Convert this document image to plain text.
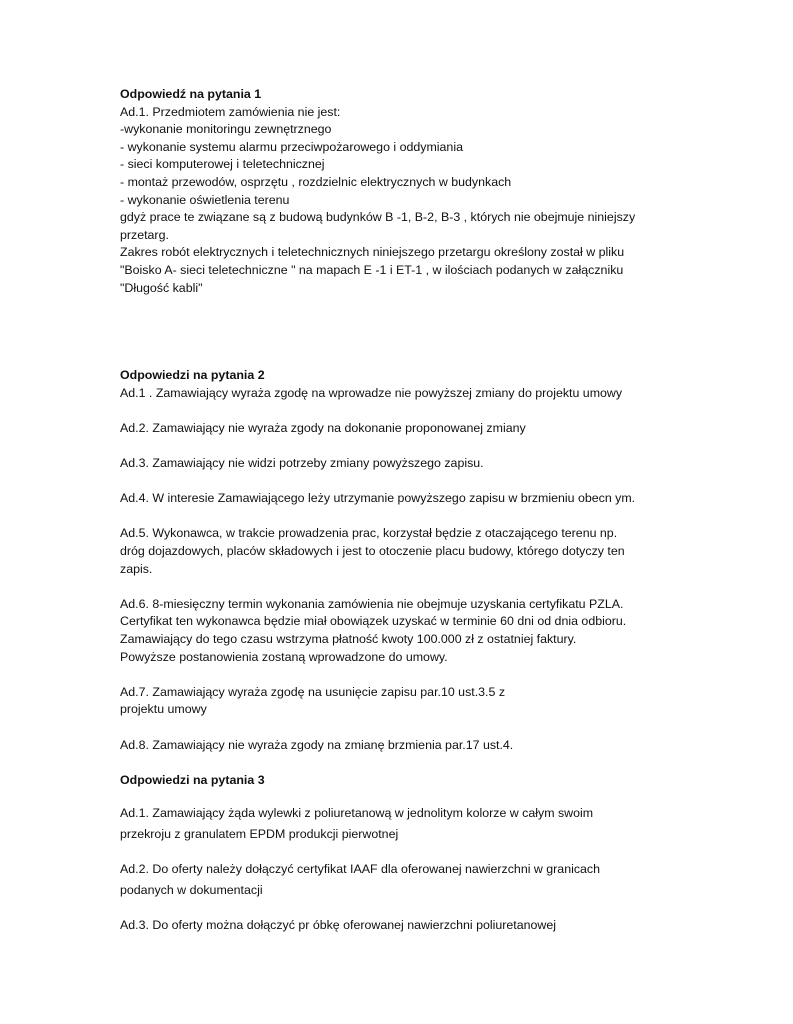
Odpowiedź na pytania 1
Ad.1. Przedmiotem zamówienia nie jest:
-wykonanie monitoringu zewnętrznego
- wykonanie systemu alarmu przeciwpożarowego i oddymiania
- sieci komputerowej i teletechnicznej
- montaż przewodów, osprzętu , rozdzielnic elektrycznych w budynkach
- wykonanie oświetlenia terenu
gdyż prace te związane są z budową budynków B -1, B-2, B-3 , których nie obejmuje niniejszy
przetarg.
Zakres robót elektrycznych i teletechnicznych niniejszego przetargu określony został w pliku
"Boisko A- sieci teletechniczne " na mapach E -1 i ET-1 , w ilościach podanych w załączniku
"Długość kabli"
Odpowiedzi na pytania 2
Ad.1 . Zamawiający wyraża zgodę na wprowadze nie powyższej zmiany do projektu umowy
Ad.2. Zamawiający nie wyraża zgody na dokonanie proponowanej zmiany
Ad.3. Zamawiający nie widzi potrzeby zmiany powyższego zapisu.
Ad.4. W interesie Zamawiającego leży utrzymanie powyższego zapisu w brzmieniu obecn ym.
Ad.5. Wykonawca, w trakcie prowadzenia prac, korzystał będzie z otaczającego terenu np.
dróg dojazdowych, placów składowych i jest to otoczenie placu budowy, którego dotyczy ten
zapis.
Ad.6. 8-miesięczny termin wykonania zamówienia nie obejmuje uzyskania certyfikatu PZLA.
Certyfikat ten wykonawca będzie miał obowiązek uzyskać w terminie 60 dni od dnia odbioru.
Zamawiający do tego czasu wstrzyma płatność kwoty 100.000 zł z ostatniej faktury.
Powyższe postanowienia zostaną wprowadzone do umowy.
Ad.7. Zamawiający wyraża zgodę na usunięcie zapisu par.10 ust.3.5 z
projektu umowy
Ad.8. Zamawiający nie wyraża zgody na zmianę brzmienia par.17 ust.4.
Odpowiedzi na pytania 3
Ad.1. Zamawiający żąda wylewki z poliuretanową w jednolitym kolorze w całym swoim
przekroju z granulatem EPDM produkcji pierwotnej
Ad.2. Do oferty należy dołączyć certyfikat IAAF dla oferowanej nawierzchni w granicach
podanych w dokumentacji
Ad.3. Do oferty można dołączyć pr óbkę oferowanej nawierzchni poliuretanowej
